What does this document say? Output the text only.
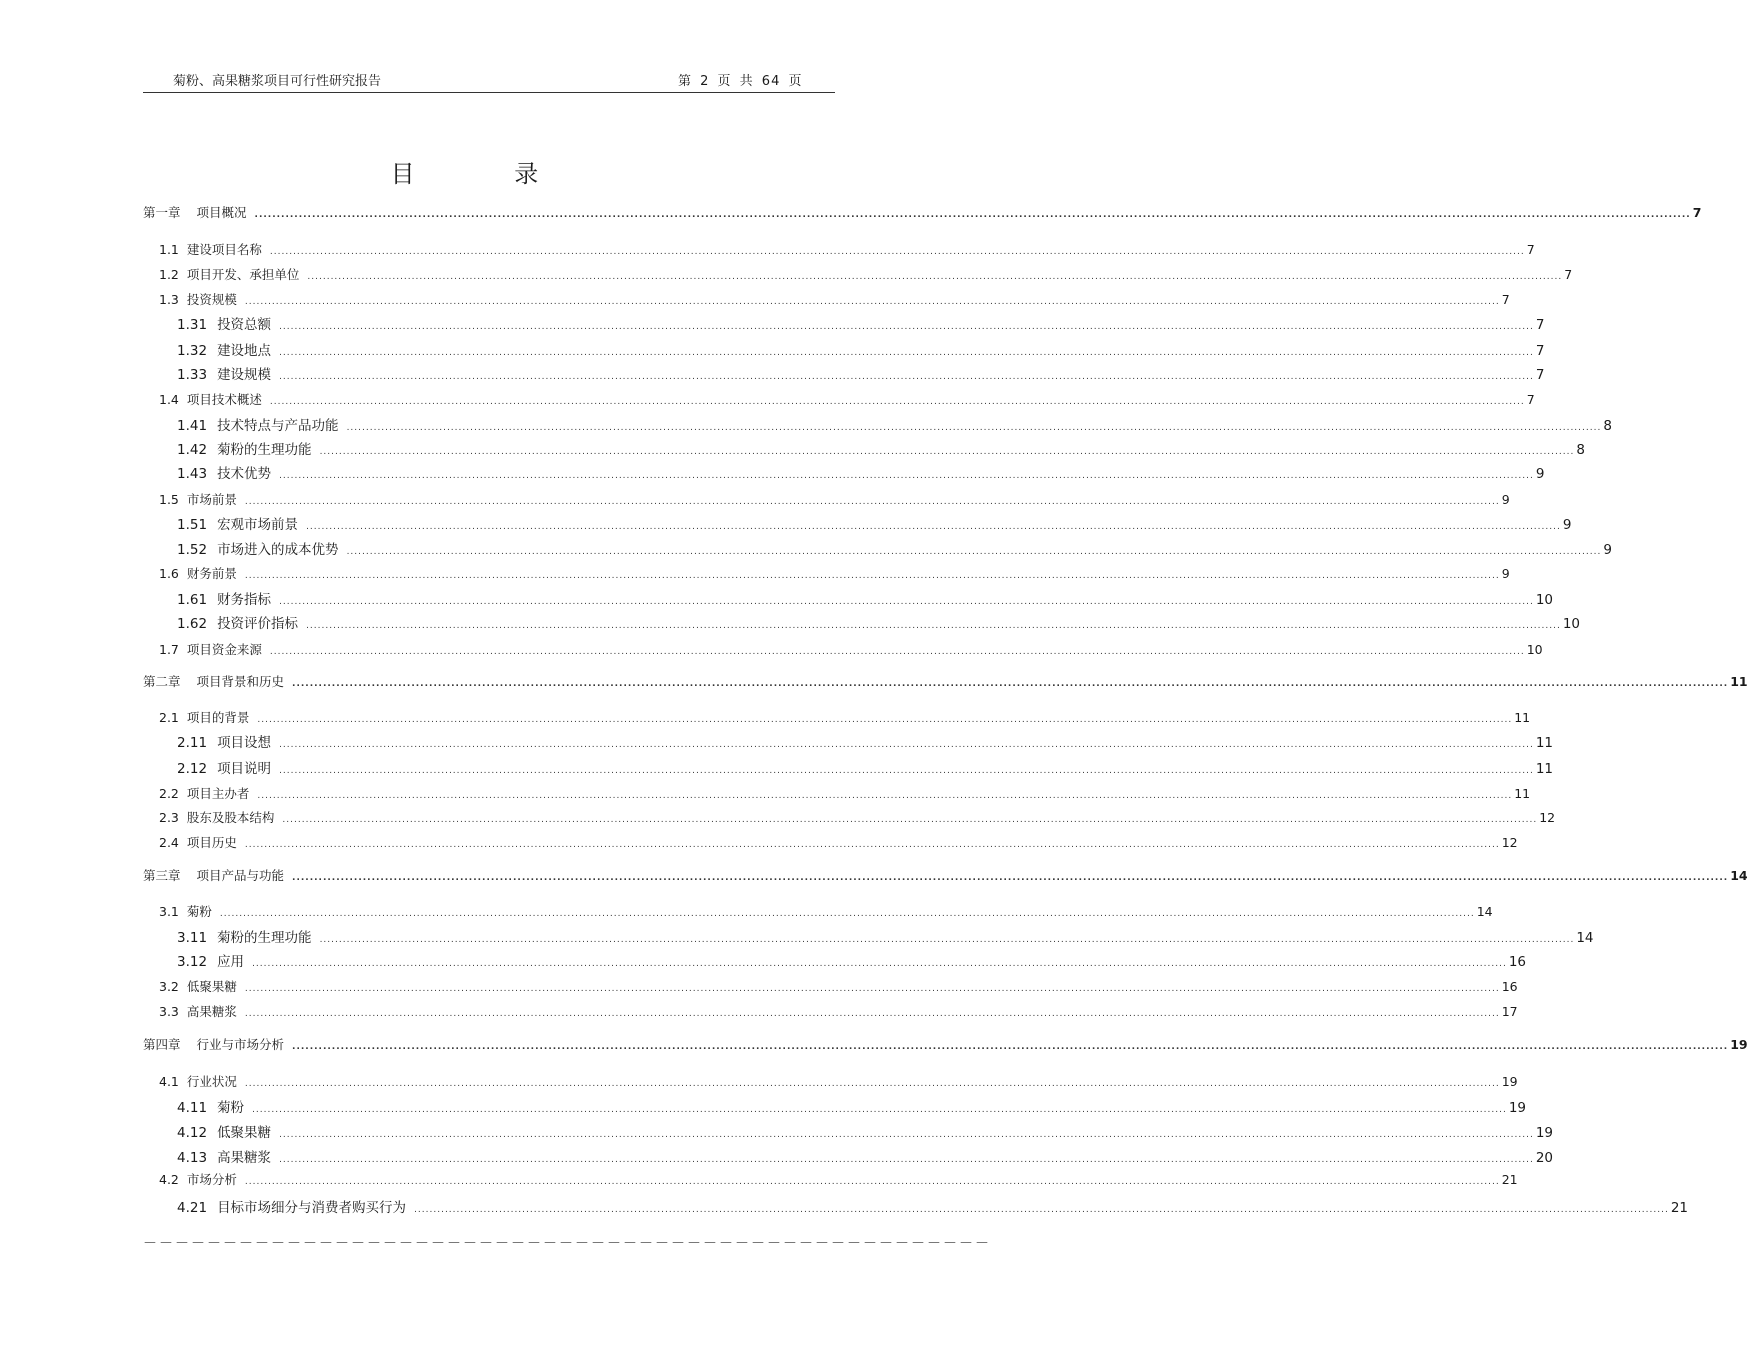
菊粉、高果糖浆项目可行性研究报告	第 2 页 共 64 页
目 录
第一章 项目概况 .....	7
1.1 建设项目名称 .....	7
1.2 项目开发、承担单位 .....	7
1.3 投资规模 .....	7
1.31 投资总额 .....	7
1.32 建设地点 .....	7
1.33 建设规模 .....	7
1.4 项目技术概述 .....	7
1.41 技术特点与产品功能 .....	8
1.42 菊粉的生理功能 .....	8
1.43 技术优势 .....	9
1.5 市场前景 .....	9
1.51 宏观市场前景 .....	9
1.52 市场进入的成本优势 .....	9
1.6 财务前景 .....	9
1.61 财务指标 .....	10
1.62 投资评价指标 .....	10
1.7 项目资金来源 .....	10
第二章 项目背景和历史 .....	11
2.1 项目的背景 .....	11
2.11 项目设想 .....	11
2.12 项目说明 .....	11
2.2 项目主办者 .....	11
2.3 股东及股本结构 .....	12
2.4 项目历史 .....	12
第三章 项目产品与功能 .....	14
3.1 菊粉 .....	14
3.11 菊粉的生理功能 .....	14
3.12 应用 .....	16
3.2 低聚果糖 .....	16
3.3 高果糖浆 .....	17
第四章 行业与市场分析 .....	19
4.1 行业状况 .....	19
4.11 菊粉 .....	19
4.12 低聚果糖 .....	19
4.13 高果糖浆 .....	20
4.2 市场分析 .....	21
4.21 目标市场细分与消费者购买行为 .....	21
－－－－－－－－－－－－－－－－－－－－－－－－－－－－－－－－－－－－－－－－－－－－－－－－－－－－－
